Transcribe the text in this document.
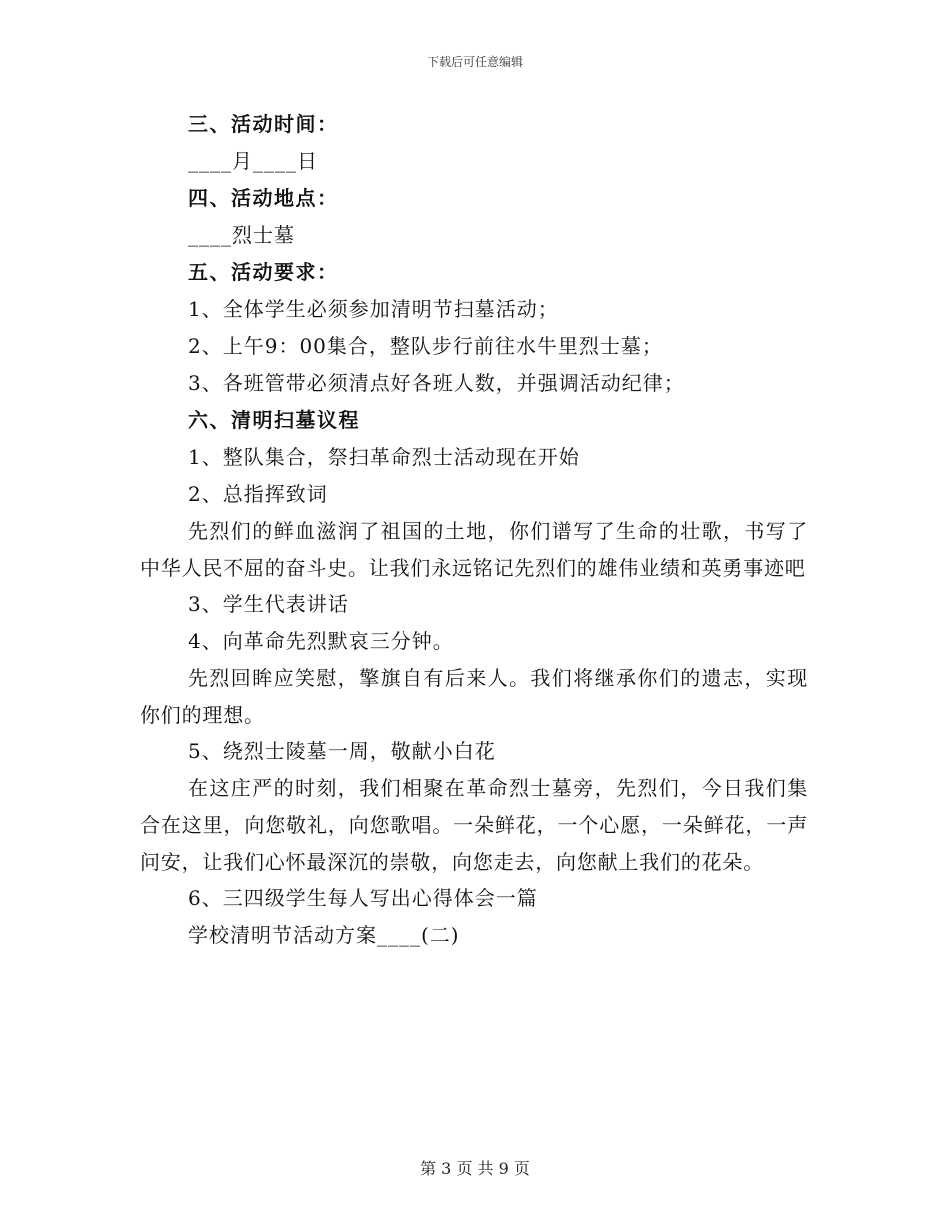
下载后可任意编辑
三、活动时间：
____月____日
四、活动地点：
____烈士墓
五、活动要求：
1、全体学生必须参加清明节扫墓活动；
2、上午9：00集合，整队步行前往水牛里烈士墓；
3、各班管带必须清点好各班人数，并强调活动纪律；
六、清明扫墓议程
1、整队集合，祭扫革命烈士活动现在开始
2、总指挥致词
先烈们的鲜血滋润了祖国的土地，你们谱写了生命的壮歌，书写了中华人民不屈的奋斗史。让我们永远铭记先烈们的雄伟业绩和英勇事迹吧
3、学生代表讲话
4、向革命先烈默哀三分钟。
先烈回眸应笑慰，擎旗自有后来人。我们将继承你们的遗志，实现你们的理想。
5、绕烈士陵墓一周，敬献小白花
在这庄严的时刻，我们相聚在革命烈士墓旁，先烈们，今日我们集合在这里，向您敬礼，向您歌唱。一朵鲜花，一个心愿，一朵鲜花，一声问安，让我们心怀最深沉的崇敬，向您走去，向您献上我们的花朵。
6、三四级学生每人写出心得体会一篇
学校清明节活动方案____(二)
第 3 页 共 9 页
